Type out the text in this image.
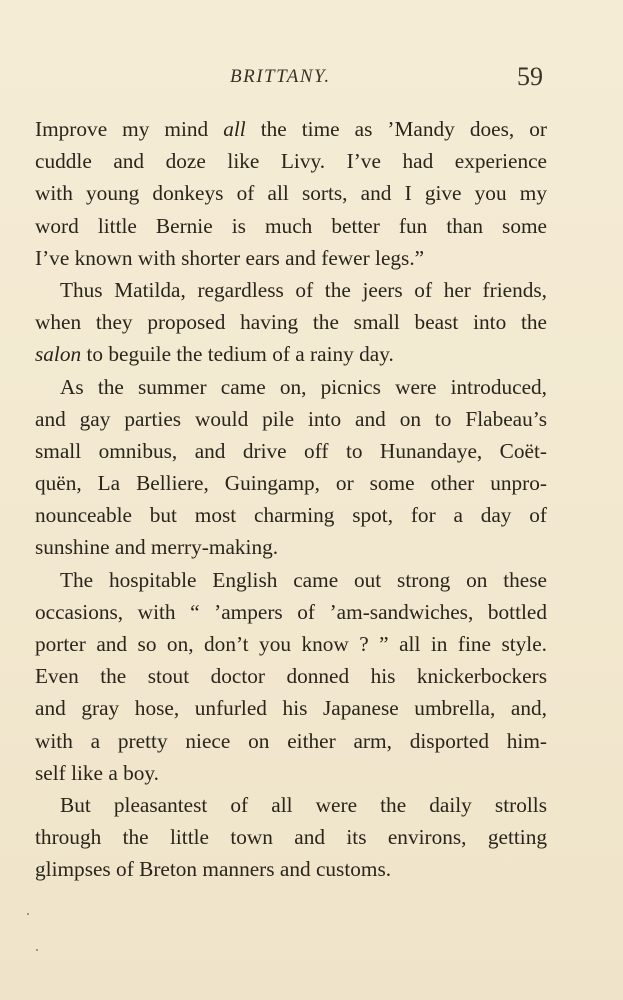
BRITTANY.	59
Improve my mind all the time as ’Mandy does, or
cuddle and doze like Livy. I’ve had experience
with young donkeys of all sorts, and I give you my
word little Bernie is much better fun than some
I’ve known with shorter ears and fewer legs.”
Thus Matilda, regardless of the jeers of her friends,
when they proposed having the small beast into the
salon to beguile the tedium of a rainy day.
As the summer came on, picnics were introduced,
and gay parties would pile into and on to Flabeau’s
small omnibus, and drive off to Hunandaye, Coët-
quën, La Belliere, Guingamp, or some other unpro-
nounceable but most charming spot, for a day of
sunshine and merry-making.
The hospitable English came out strong on these
occasions, with “ ’ampers of ’am-sandwiches, bottled
porter and so on, don’t you know ? ” all in fine style.
Even the stout doctor donned his knickerbockers
and gray hose, unfurled his Japanese umbrella, and,
with a pretty niece on either arm, disported him-
self like a boy.
But pleasantest of all were the daily strolls
through the little town and its environs, getting
glimpses of Breton manners and customs.
